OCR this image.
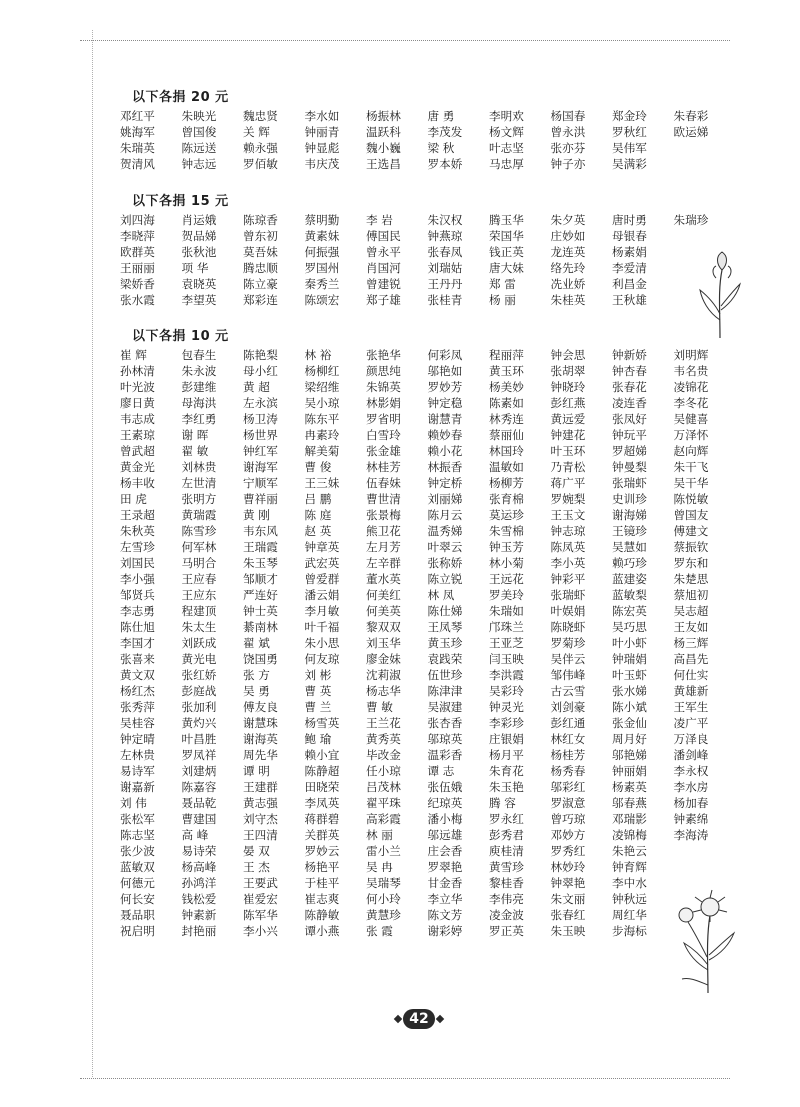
以下各捐 20 元
邓红平	朱映光	魏忠贤	李水如	杨振林	唐 勇	李明欢	杨国春	郑金玲	朱春彩
姚海军	曾国俊	关 辉	钟丽青	温跃科	李茂发	杨文辉	曾永洪	罗秋红	欧运娣
朱瑞英	陈远送	赖永强	钟显彪	魏小巍	梁 秋	叶志坚	张亦芬	吴伟军
贺清风	钟志远	罗佰敏	韦庆茂	王选昌	罗本娇	马忠厚	钟子亦	吴满彩
以下各捐 15 元
刘四海	肖运娥	陈琼香	蔡明勤	李 岩	朱汉权	腾玉华	朱夕英	唐时勇	朱瑞珍
李晓萍	贺品娣	曾东初	黄素妹	傅国民	钟燕琼	荣国华	庄妙如	母银春
欧群英	张秋池	莫吾妹	何振强	曾永平	张春凤	钱正英	龙连英	杨素娟
王丽丽	项 华	腾忠顺	罗国州	肖国河	刘瑞姑	唐大妹	络先玲	李爱清
梁娇香	袁晓英	陈立豪	秦秀兰	曾建锐	王丹丹	郑 雷	冼业娇	利昌金
张水霞	李望英	郑彩连	陈颂宏	郑子雄	张桂青	杨 丽	朱桂英	王秋雄
以下各捐 10 元
崔 辉	包春生	陈艳梨	林 裕	张艳华	何彩凤	程丽萍	钟会思	钟新娇	刘明辉
孙林清	朱永波	母小红	杨柳红	颜思纯	邬艳如	黄玉环	张胡翠	钟杏春	韦名贵
叶光波	彭建维	黄 超	梁绍维	朱锦英	罗妙芳	杨美妙	钟晓玲	张春花	凌锦花
廖日黄	母海洪	左永滨	吴小琼	林影娟	钟定稳	陈素如	彭红燕	凌连香	李冬花
韦志成	李红勇	杨卫涛	陈东平	罗省明	谢慧青	林秀连	黄远爱	张凤好	吴健喜
王素琼	谢 晖	杨世界	冉素玲	白雪玲	赖妙春	蔡丽仙	钟建花	钟玩平	万泽怀
曾武超	翟 敏	钟红军	解美菊	张金雄	赖小花	林国玲	叶玉环	罗超娣	赵向辉
黄金光	刘林贵	谢海军	曹 俊	林桂芳	林振香	温敏如	乃青松	钟曼梨	朱干飞
杨丰收	左世清	宁顺军	王三妹	伍春妹	钟定桥	杨柳芳	蒋广平	张瑞虾	吴干华
田 虎	张明方	曹祥丽	吕 鹏	曹世清	刘丽娣	张育棉	罗婉梨	史训珍	陈悦敏
王录超	黄瑞霞	黄 刚	陈 庭	张景梅	陈月云	莫运珍	王玉文	谢海娣	曾国友
朱秋英	陈雪珍	韦东风	赵 英	熊卫花	温秀娣	朱雪棉	钟志琼	王镜珍	傅建文
左雪珍	何军林	王瑞霞	钟章英	左月芳	叶翠云	钟玉芳	陈凤英	吴慧如	蔡振钦
刘国民	马明合	朱玉琴	武宏英	左辛群	张称娇	林小菊	李小英	赖巧珍	罗东和
李小强	王应春	邹顺才	曾爱群	董水英	陈立锐	王远花	钟彩平	蓝建姿	朱楚思
邹贤兵	王应东	严连好	潘云娟	何美红	林 凤	罗美玲	张瑞虾	蓝敏梨	蔡旭初
李志勇	程建顶	钟士英	李月敏	何美英	陈仕娣	朱瑞如	叶娱娟	陈宏英	吴志超
陈仕旭	朱太生	綦南林	叶千福	黎双双	王凤琴	邝珠兰	陈晓虾	吴巧思	王友如
李国才	刘跃成	翟 斌	朱小思	刘玉华	黄玉珍	王亚芝	罗菊珍	叶小虾	杨三辉
张喜来	黄光电	饶国勇	何友琼	廖金妹	袁践荣	闫玉映	吴伴云	钟瑞娟	高昌先
黄文双	张红娇	张 方	刘 彬	沈莉淑	伍世珍	李洪霞	邹伟峰	叶玉虾	何仕实
杨红杰	彭庭战	吴 勇	曹 英	杨志华	陈津津	吴彩玲	古云雪	张水娣	黄雄新
张秀萍	张加利	傅友良	曹 兰	曹 敏	吴淑建	钟灵光	刘剑豪	陈小斌	王军生
吴桂容	黄灼兴	谢慧珠	杨雪英	王兰花	张杏香	李彩珍	彭红通	张金仙	凌广平
钟定晴	叶昌胜	谢海英	鲍 瑜	黄秀英	邬琼英	庄银娟	林红女	周月好	万泽良
左林贵	罗凤祥	周先华	赖小宜	毕改金	温彩香	杨月平	杨桂芳	邬艳娣	潘剑峰
易诗军	刘建炳	谭 明	陈静超	任小琼	谭 志	朱育花	杨秀春	钟丽娟	李永权
谢嘉新	陈嘉容	王建群	田晓荣	吕茂林	张伍娥	朱玉艳	邬彩红	杨素英	李水房
刘 伟	聂品乾	黄志强	李凤英	翟平珠	纪琼英	腾 容	罗淑意	邬春燕	杨加春
张松军	曹建国	刘守杰	蒋群碧	高彩霞	潘小梅	罗永红	曾巧琼	邓瑞影	钟素绵
陈志坚	高 峰	王四清	关群英	林 丽	邬远雄	彭秀君	邓妙方	凌锦梅	李海涛
张少波	易诗荣	晏 双	罗妙云	雷小兰	庄会香	庾桂清	罗秀红	朱艳云
蓝敏双	杨高峰	王 杰	杨艳平	吴 冉	罗翠艳	黄雪珍	林妙玲	钟育辉
何德元	孙鸿洋	王要武	于桂平	吴瑞琴	甘金香	黎桂香	钟翠艳	李中水
何长安	钱松爱	崔爱宏	崔志爽	何小玲	李立华	李伟亮	朱文丽	钟秋远
聂品职	钟素新	陈军华	陈静敏	黄慧珍	陈文芳	凌金波	张春红	周红华
祝启明	封艳丽	李小兴	谭小燕	张 霞	谢彩婷	罗正英	朱玉映	步海标
42
